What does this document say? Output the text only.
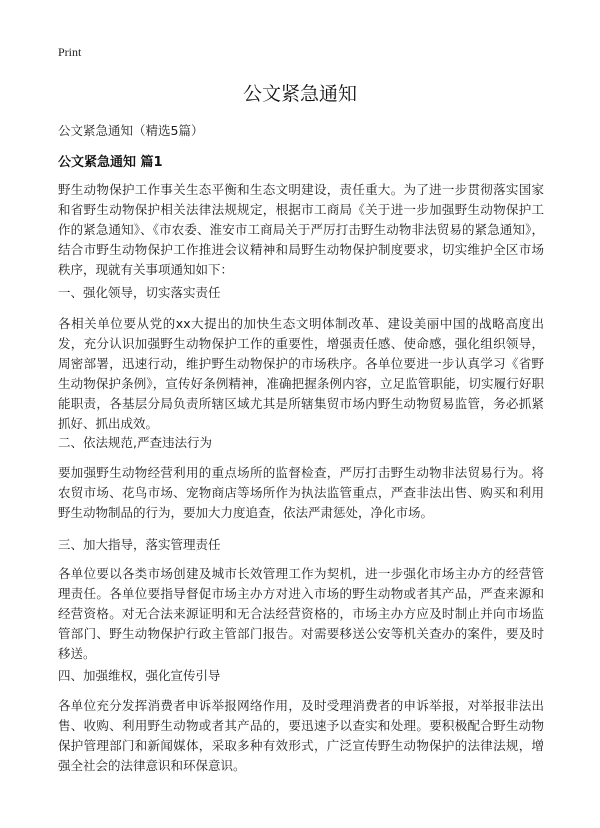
Print
公文紧急通知
公文紧急通知（精选5篇）
公文紧急通知 篇1

野生动物保护工作事关生态平衡和生态文明建设，责任重大。为了进一步贯彻落实国家和省野生动物保护相关法律法规规定，根据市工商局《关于进一步加强野生动物保护工作的紧急通知》、《市农委、淮安市工商局关于严厉打击野生动物非法贸易的紧急通知》，结合市野生动物保护工作推进会议精神和局野生动物保护制度要求，切实维护全区市场秩序，现就有关事项通知如下：

一、强化领导，切实落实责任

各相关单位要从党的xx大提出的加快生态文明体制改革、建设美丽中国的战略高度出发，充分认识加强野生动物保护工作的重要性，增强责任感、使命感，强化组织领导，周密部署，迅速行动，维护野生动物保护的市场秩序。各单位要进一步认真学习《省野生动物保护条例》，宣传好条例精神，准确把握条例内容，立足监管职能，切实履行好职能职责，各基层分局负责所辖区域尤其是所辖集贸市场内野生动物贸易监管，务必抓紧抓好、抓出成效。

二、依法规范,严查违法行为

要加强野生动物经营利用的重点场所的监督检查，严厉打击野生动物非法贸易行为。将农贸市场、花鸟市场、宠物商店等场所作为执法监管重点，严查非法出售、购买和利用野生动物制品的行为，要加大力度追查，依法严肃惩处，净化市场。

三、加大指导，落实管理责任

各单位要以各类市场创建及城市长效管理工作为契机，进一步强化市场主办方的经营管理责任。各单位要指导督促市场主办方对进入市场的野生动物或者其产品，严查来源和经营资格。对无合法来源证明和无合法经营资格的，市场主办方应及时制止并向市场监管部门、野生动物保护行政主管部门报告。对需要移送公安等机关查办的案件，要及时移送。

四、加强维权，强化宣传引导

各单位充分发挥消费者申诉举报网络作用，及时受理消费者的申诉举报，对举报非法出售、收购、利用野生动物或者其产品的，要迅速予以查实和处理。要积极配合野生动物保护管理部门和新闻媒体，采取多种有效形式，广泛宣传野生动物保护的法律法规，增强全社会的法律意识和环保意识。
